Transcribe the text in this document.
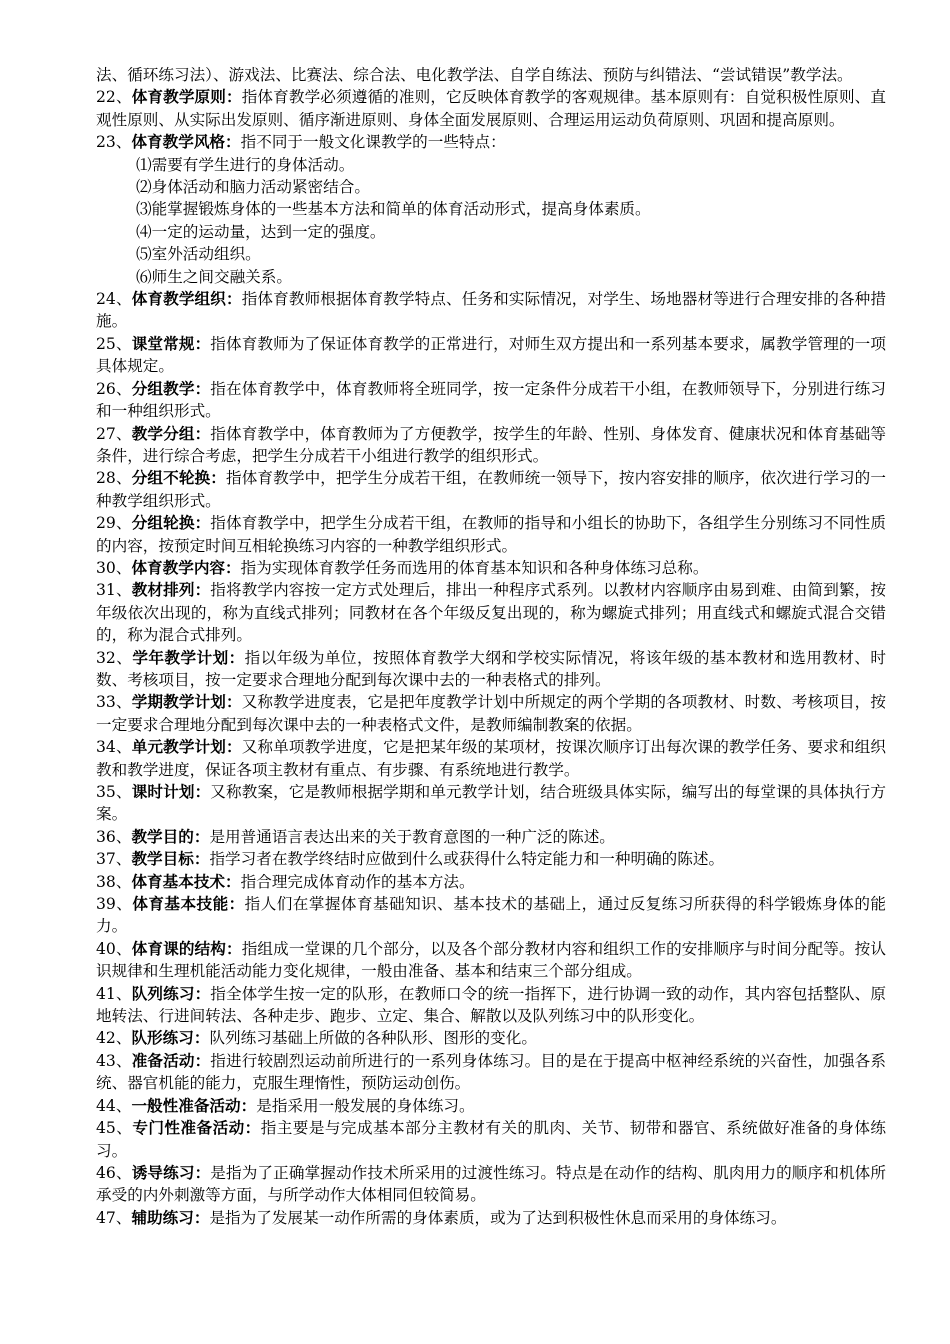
法、循环练习法）、游戏法、比赛法、综合法、电化教学法、自学自练法、预防与纠错法、“尝试错误”教学法。

22、体育教学原则：指体育教学必须遵循的准则，它反映体育教学的客观规律。基本原则有：自觉积极性原则、直观性原则、从实际出发原则、循序渐进原则、身体全面发展原则、合理运用运动负荷原则、巩固和提高原则。

23、体育教学风格：指不同于一般文化课教学的一些特点：

⑴需要有学生进行的身体活动。

⑵身体活动和脑力活动紧密结合。

⑶能掌握锻炼身体的一些基本方法和简单的体育活动形式，提高身体素质。

⑷一定的运动量，达到一定的强度。

⑸室外活动组织。

⑹师生之间交融关系。

24、体育教学组织：指体育教师根据体育教学特点、任务和实际情况，对学生、场地器材等进行合理安排的各种措施。

25、课堂常规：指体育教师为了保证体育教学的正常进行，对师生双方提出和一系列基本要求，属教学管理的一项具体规定。

26、分组教学：指在体育教学中，体育教师将全班同学，按一定条件分成若干小组，在教师领导下，分别进行练习和一种组织形式。

27、教学分组：指体育教学中，体育教师为了方便教学，按学生的年龄、性别、身体发育、健康状况和体育基础等条件，进行综合考虑，把学生分成若干小组进行教学的组织形式。

28、分组不轮换：指体育教学中，把学生分成若干组，在教师统一领导下，按内容安排的顺序，依次进行学习的一种教学组织形式。

29、分组轮换：指体育教学中，把学生分成若干组，在教师的指导和小组长的协助下，各组学生分别练习不同性质的内容，按预定时间互相轮换练习内容的一种教学组织形式。

30、体育教学内容：指为实现体育教学任务而选用的体育基本知识和各种身体练习总称。

31、教材排列：指将教学内容按一定方式处理后，排出一种程序式系列。以教材内容顺序由易到难、由简到繁，按年级依次出现的，称为直线式排列；同教材在各个年级反复出现的，称为螺旋式排列；用直线式和螺旋式混合交错的，称为混合式排列。

32、学年教学计划：指以年级为单位，按照体育教学大纲和学校实际情况，将该年级的基本教材和选用教材、时数、考核项目，按一定要求合理地分配到每次课中去的一种表格式的排列。

33、学期教学计划：又称教学进度表，它是把年度教学计划中所规定的两个学期的各项教材、时数、考核项目，按一定要求合理地分配到每次课中去的一种表格式文件，是教师编制教案的依据。

34、单元教学计划：又称单项教学进度，它是把某年级的某项材，按课次顺序订出每次课的教学任务、要求和组织教和教学进度，保证各项主教材有重点、有步骤、有系统地进行教学。

35、课时计划：又称教案，它是教师根据学期和单元教学计划，结合班级具体实际，编写出的每堂课的具体执行方案。

36、教学目的：是用普通语言表达出来的关于教育意图的一种广泛的陈述。

37、教学目标：指学习者在教学终结时应做到什么或获得什么特定能力和一种明确的陈述。

38、体育基本技术：指合理完成体育动作的基本方法。

39、体育基本技能：指人们在掌握体育基础知识、基本技术的基础上，通过反复练习所获得的科学锻炼身体的能力。

40、体育课的结构：指组成一堂课的几个部分，以及各个部分教材内容和组织工作的安排顺序与时间分配等。按认识规律和生理机能活动能力变化规律，一般由准备、基本和结束三个部分组成。

41、队列练习：指全体学生按一定的队形，在教师口令的统一指挥下，进行协调一致的动作，其内容包括整队、原地转法、行进间转法、各种走步、跑步、立定、集合、解散以及队列练习中的队形变化。

42、队形练习：队列练习基础上所做的各种队形、图形的变化。

43、准备活动：指进行较剧烈运动前所进行的一系列身体练习。目的是在于提高中枢神经系统的兴奋性，加强各系统、器官机能的能力，克服生理惰性，预防运动创伤。

44、一般性准备活动：是指采用一般发展的身体练习。

45、专门性准备活动：指主要是与完成基本部分主教材有关的肌肉、关节、韧带和器官、系统做好准备的身体练习。

46、诱导练习：是指为了正确掌握动作技术所采用的过渡性练习。特点是在动作的结构、肌肉用力的顺序和机体所承受的内外刺激等方面，与所学动作大体相同但较简易。

47、辅助练习：是指为了发展某一动作所需的身体素质，或为了达到积极性休息而采用的身体练习。
